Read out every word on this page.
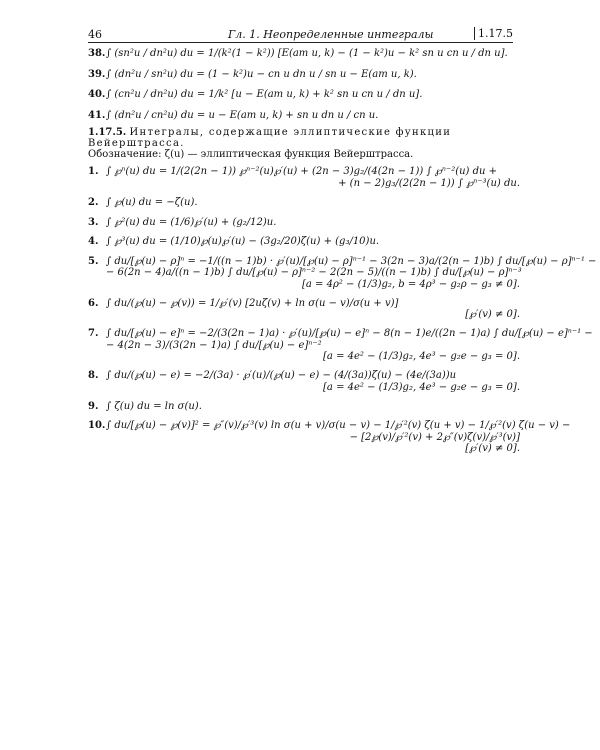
46	Гл. 1. Неопределенные интегралы	1.17.5
38. ∫ (sn²u / dn²u) du = 1/(k²(1 − k²)) [E(am u, k) − (1 − k²)u − k² sn u cn u / dn u].
39. ∫ (dn²u / sn²u) du = (1 − k²)u − cn u dn u / sn u − E(am u, k).
40. ∫ (cn²u / dn²u) du = 1/k² [u − E(am u, k) + k² sn u cn u / dn u].
41. ∫ (dn²u / cn²u) du = u − E(am u, k) + sn u dn u / cn u.
1.17.5. Интегралы, содержащие эллиптические функции Вейерштрасса.
Обозначение: ζ(u) — эллиптическая функция Вейерштрасса.
1. ∫ ℘ⁿ(u) du = 1/(2(2n − 1)) ℘ⁿ⁻²(u)℘′(u) + (2n − 3)g₂/(4(2n − 1)) ∫ ℘ⁿ⁻²(u) du +
+ (n − 2)g₃/(2(2n − 1)) ∫ ℘ⁿ⁻³(u) du.
2. ∫ ℘(u) du = −ζ(u).
3. ∫ ℘²(u) du = (1/6)℘′(u) + (g₂/12)u.
4. ∫ ℘³(u) du = (1/10)℘(u)℘′(u) − (3g₂/20)ζ(u) + (g₃/10)u.
5. ∫ du/[℘(u) − ρ]ⁿ = −1/((n − 1)b) · ℘′(u)/[℘(u) − ρ]ⁿ⁻¹ − 3(2n − 3)a/(2(n − 1)b) ∫ du/[℘(u) − ρ]ⁿ⁻¹ −
− 6(2n − 4)a/((n − 1)b) ∫ du/[℘(u) − ρ]ⁿ⁻² − 2(2n − 5)/((n − 1)b) ∫ du/[℘(u) − ρ]ⁿ⁻³
[a = 4ρ² − (1/3)g₂, b = 4ρ³ − g₂ρ − g₃ ≠ 0].
6. ∫ du/(℘(u) − ℘(v)) = 1/℘′(v) [2uζ(v) + ln σ(u − v)/σ(u + v)]
[℘′(v) ≠ 0].
7. ∫ du/[℘(u) − e]ⁿ = −2/(3(2n − 1)a) · ℘′(u)/[℘(u) − e]ⁿ − 8(n − 1)e/((2n − 1)a) ∫ du/[℘(u) − e]ⁿ⁻¹ −
− 4(2n − 3)/(3(2n − 1)a) ∫ du/[℘(u) − e]ⁿ⁻²
[a = 4e² − (1/3)g₂, 4e³ − g₂e − g₃ = 0].
8. ∫ du/(℘(u) − e) = −2/(3a) · ℘′(u)/(℘(u) − e) − (4/(3a))ζ(u) − (4e/(3a))u
[a = 4e² − (1/3)g₂, 4e³ − g₂e − g₃ = 0].
9. ∫ ζ(u) du = ln σ(u).
10. ∫ du/[℘(u) − ℘(v)]² = ℘″(v)/℘′³(v) ln σ(u + v)/σ(u − v) − 1/℘′²(v) ζ(u + v) − 1/℘′²(v) ζ(u − v) −
− [2℘(v)/℘′²(v) + 2℘″(v)ζ(v)/℘′³(v)]
[℘′(v) ≠ 0].
